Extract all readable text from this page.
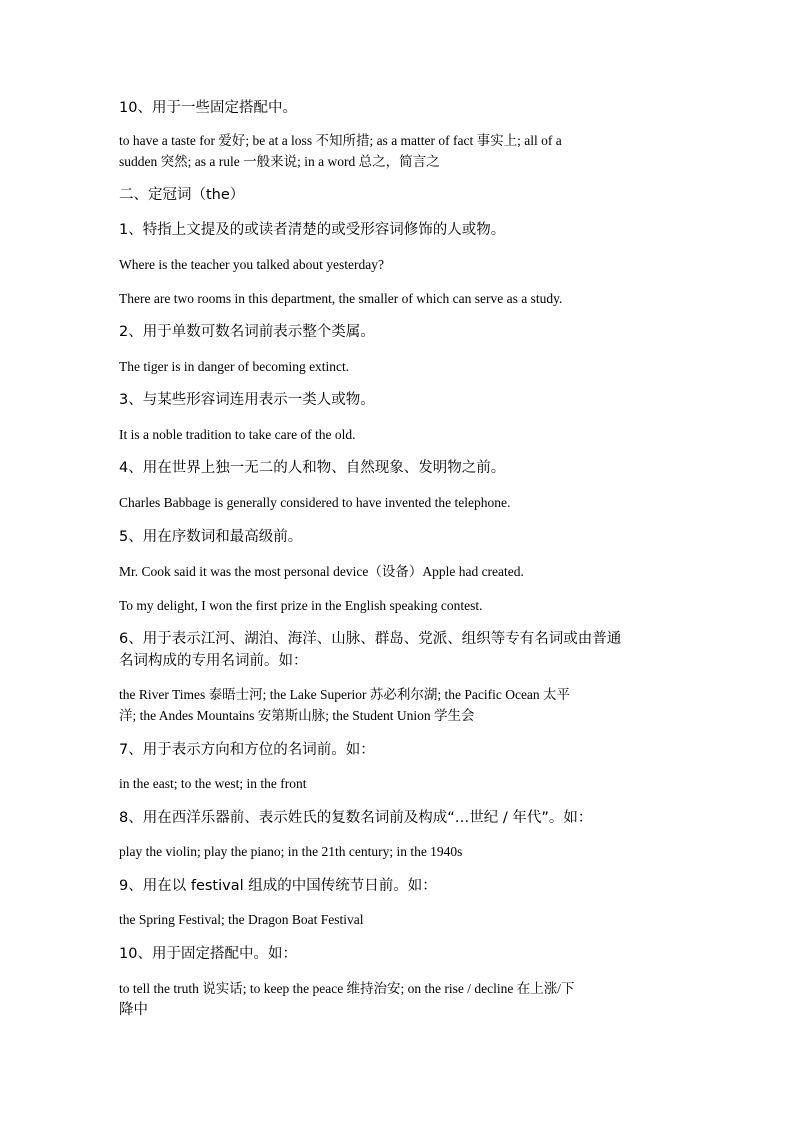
10、用于一些固定搭配中。

to have a taste for 爱好; be at a loss 不知所措; as a matter of fact 事实上; all of a

sudden 突然; as a rule 一般来说; in a word 总之，简言之

二、定冠词（the）

1、特指上文提及的或读者清楚的或受形容词修饰的人或物。

Where is the teacher you talked about yesterday?

There are two rooms in this department, the smaller of which can serve as a study.

2、用于单数可数名词前表示整个类属。

The tiger is in danger of becoming extinct.

3、与某些形容词连用表示一类人或物。

It is a noble tradition to take care of the old.

4、用在世界上独一无二的人和物、自然现象、发明物之前。

Charles Babbage is generally considered to have invented the telephone.

5、用在序数词和最高级前。

Mr. Cook said it was the most personal device（设备）Apple had created.

To my delight, I won the first prize in the English speaking contest.

6、用于表示江河、湖泊、海洋、山脉、群岛、党派、组织等专有名词或由普通

名词构成的专用名词前。如：

the River Times 泰晤士河; the Lake Superior 苏必利尔湖; the Pacific Ocean 太平

洋; the Andes Mountains 安第斯山脉; the Student Union 学生会

7、用于表示方向和方位的名词前。如：

in the east; to the west; in the front

8、用在西洋乐器前、表示姓氏的复数名词前及构成“…世纪 / 年代”。如：

play the violin; play the piano; in the 21th century; in the 1940s

9、用在以 festival 组成的中国传统节日前。如：

the Spring Festival; the Dragon Boat Festival

10、用于固定搭配中。如：

to tell the truth 说实话; to keep the peace 维持治安; on the rise / decline 在上涨/下

降中
